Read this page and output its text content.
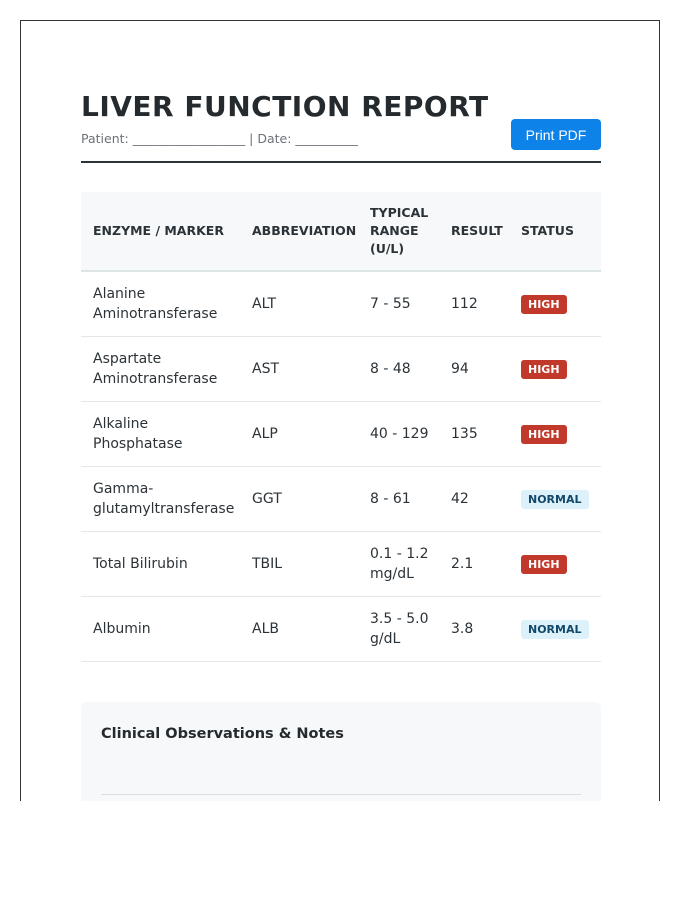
LIVER FUNCTION REPORT
Patient: __________________ | Date: __________	Print PDF
ENZYME / MARKER	ABBREVIATION	TYPICAL RANGE (U/L)	RESULT	STATUS
Alanine Aminotransferase	ALT	7 - 55	112	HIGH
Aspartate Aminotransferase	AST	8 - 48	94	HIGH
Alkaline Phosphatase	ALP	40 - 129	135	HIGH
Gamma-glutamyltransferase	GGT	8 - 61	42	NORMAL
Total Bilirubin	TBIL	0.1 - 1.2 mg/dL	2.1	HIGH
Albumin	ALB	3.5 - 5.0 g/dL	3.8	NORMAL
Clinical Observations & Notes
